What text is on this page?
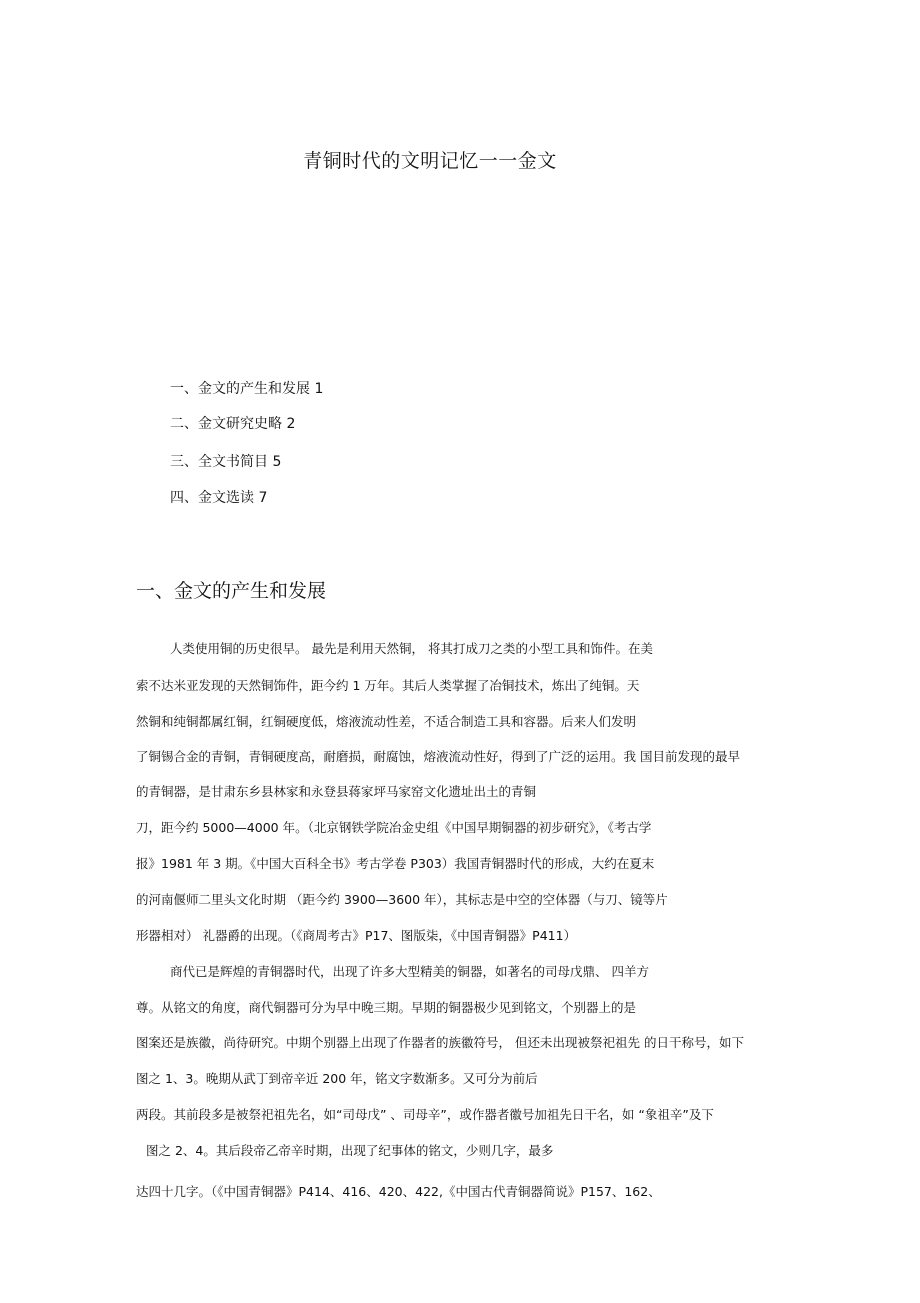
青铜时代的文明记忆一一金文
一、金文的产生和发展 1
二、金文研究史略 2
三、全文书简目 5
四、金文选读 7
一、金文的产生和发展
人类使用铜的历史很早。 最先是利用天然铜， 将其打成刀之类的小型工具和饰件。在美
索不达米亚发现的天然铜饰件，距今约 1 万年。其后人类掌握了冶铜技术，炼出了纯铜。天
然铜和纯铜都属红铜，红铜硬度低，熔液流动性差，不适合制造工具和容器。后来人们发明
了铜锡合金的青铜，青铜硬度高，耐磨损，耐腐蚀，熔液流动性好，得到了广泛的运用。我 国目前发现的最早
的青铜器，是甘肃东乡县林家和永登县蒋家坪马家窑文化遗址出土的青铜
刀，距今约 5000—4000 年。（北京钢铁学院冶金史组《中国早期铜器的初步研究》，《考古学
报》1981 年 3 期。《中国大百科全书》考古学卷 P303）我国青铜器时代的形成，大约在夏末
的河南偃师二里头文化时期 （距今约 3900—3600 年），其标志是中空的空体器（与刀、镜等片
形器相对） 礼器爵的出现。（《商周考古》P17、图版柒，《中国青铜器》P411）
商代已是辉煌的青铜器时代，出现了许多大型精美的铜器，如著名的司母戊鼎、 四羊方
尊。从铭文的角度，商代铜器可分为早中晚三期。早期的铜器极少见到铭文，个别器上的是
图案还是族徽，尚待研究。中期个别器上出现了作器者的族徽符号， 但还未出现被祭祀祖先 的日干称号，如下
图之 1、3。晚期从武丁到帝辛近 200 年，铭文字数渐多。又可分为前后
两段。其前段多是被祭祀祖先名，如“司母戊” 、司母辛”，或作器者徽号加祖先日干名，如 “象祖辛”及下
图之 2、4。其后段帝乙帝辛时期，出现了纪事体的铭文，少则几字，最多
达四十几字。（《中国青铜器》P414、416、420、422,《中国古代青铜器简说》P157、162、
